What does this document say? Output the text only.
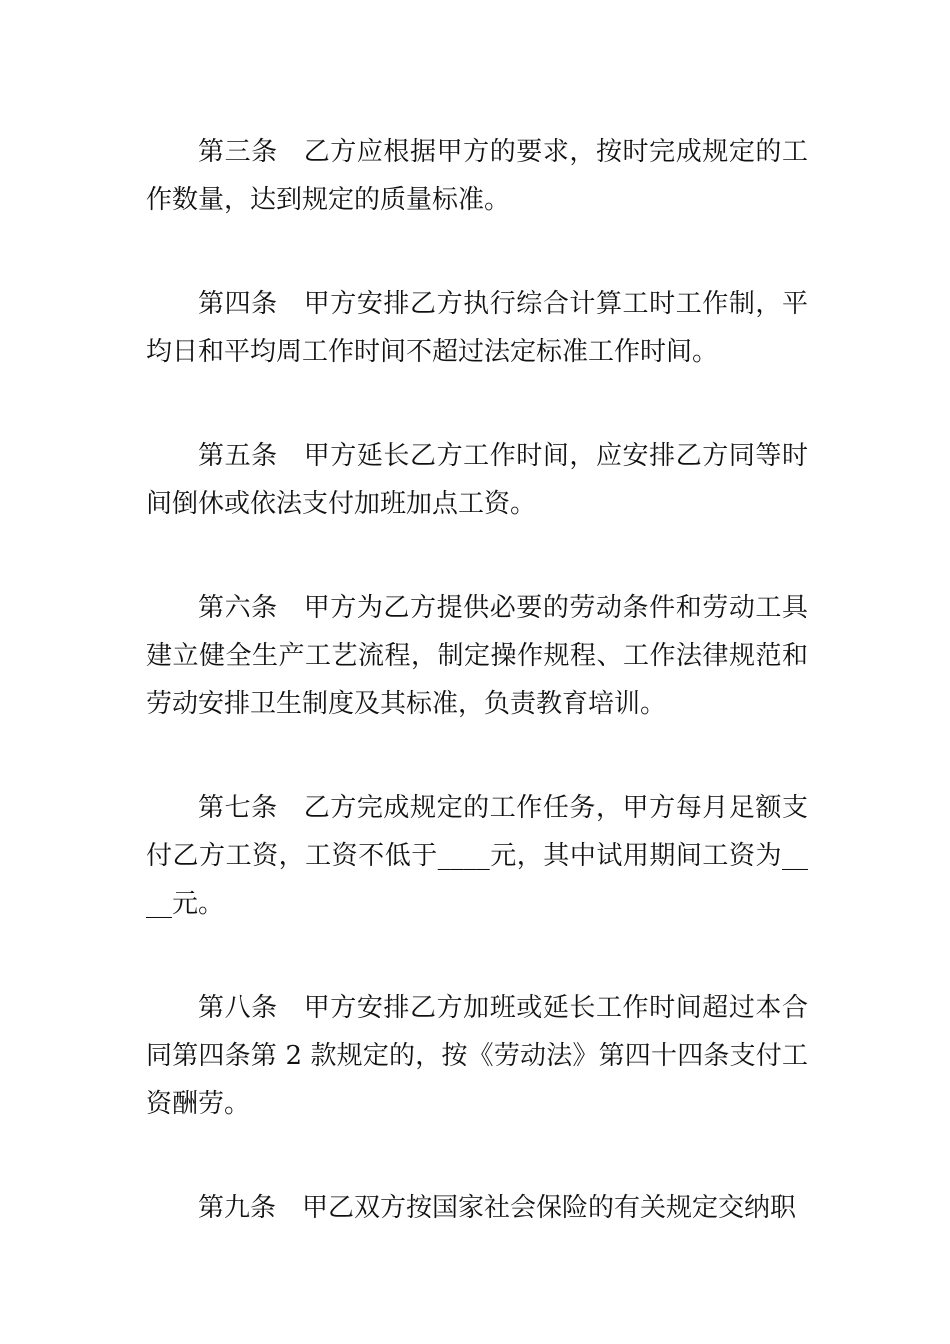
第三条 乙方应根据甲方的要求，按时完成规定的工作数量，达到规定的质量标准。

第四条 甲方安排乙方执行综合计算工时工作制，平均日和平均周工作时间不超过法定标准工作时间。

第五条 甲方延长乙方工作时间，应安排乙方同等时间倒休或依法支付加班加点工资。

第六条 甲方为乙方提供必要的劳动条件和劳动工具建立健全生产工艺流程，制定操作规程、工作法律规范和劳动安排卫生制度及其标准，负责教育培训。

第七条 乙方完成规定的工作任务，甲方每月足额支付乙方工资，工资不低于____元，其中试用期间工资为____元。

第八条 甲方安排乙方加班或延长工作时间超过本合同第四条第 2 款规定的，按《劳动法》第四十四条支付工资酬劳。

第九条 甲乙双方按国家社会保险的有关规定交纳职
